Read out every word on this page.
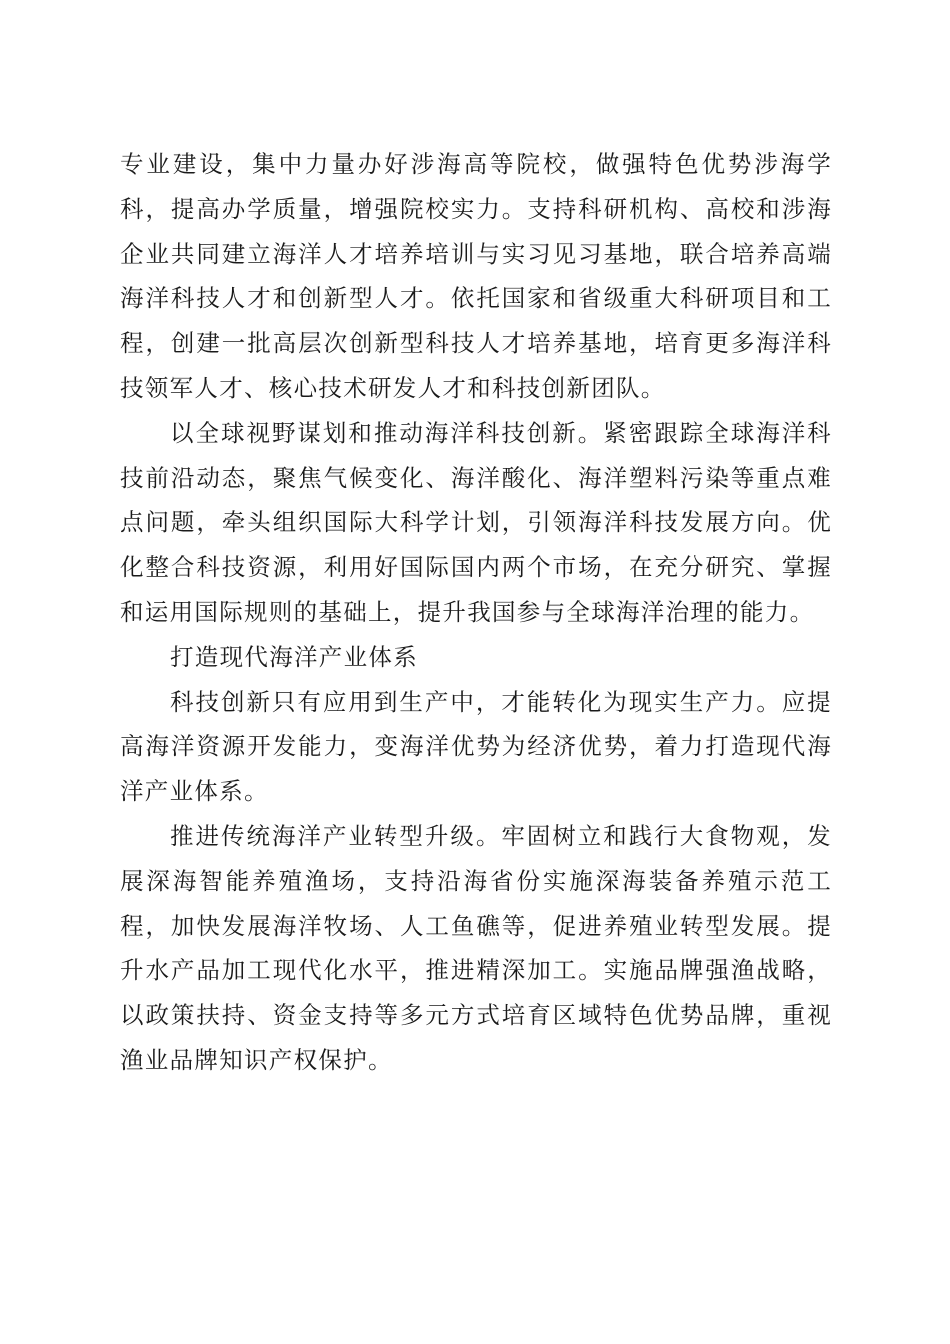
专业建设，集中力量办好涉海高等院校，做强特色优势涉海学科，提高办学质量，增强院校实力。支持科研机构、高校和涉海企业共同建立海洋人才培养培训与实习见习基地，联合培养高端海洋科技人才和创新型人才。依托国家和省级重大科研项目和工程，创建一批高层次创新型科技人才培养基地，培育更多海洋科技领军人才、核心技术研发人才和科技创新团队。

以全球视野谋划和推动海洋科技创新。紧密跟踪全球海洋科技前沿动态，聚焦气候变化、海洋酸化、海洋塑料污染等重点难点问题，牵头组织国际大科学计划，引领海洋科技发展方向。优化整合科技资源，利用好国际国内两个市场，在充分研究、掌握和运用国际规则的基础上，提升我国参与全球海洋治理的能力。

打造现代海洋产业体系

科技创新只有应用到生产中，才能转化为现实生产力。应提高海洋资源开发能力，变海洋优势为经济优势，着力打造现代海洋产业体系。

推进传统海洋产业转型升级。牢固树立和践行大食物观，发展深海智能养殖渔场，支持沿海省份实施深海装备养殖示范工程，加快发展海洋牧场、人工鱼礁等，促进养殖业转型发展。提升水产品加工现代化水平，推进精深加工。实施品牌强渔战略，以政策扶持、资金支持等多元方式培育区域特色优势品牌，重视渔业品牌知识产权保护。
